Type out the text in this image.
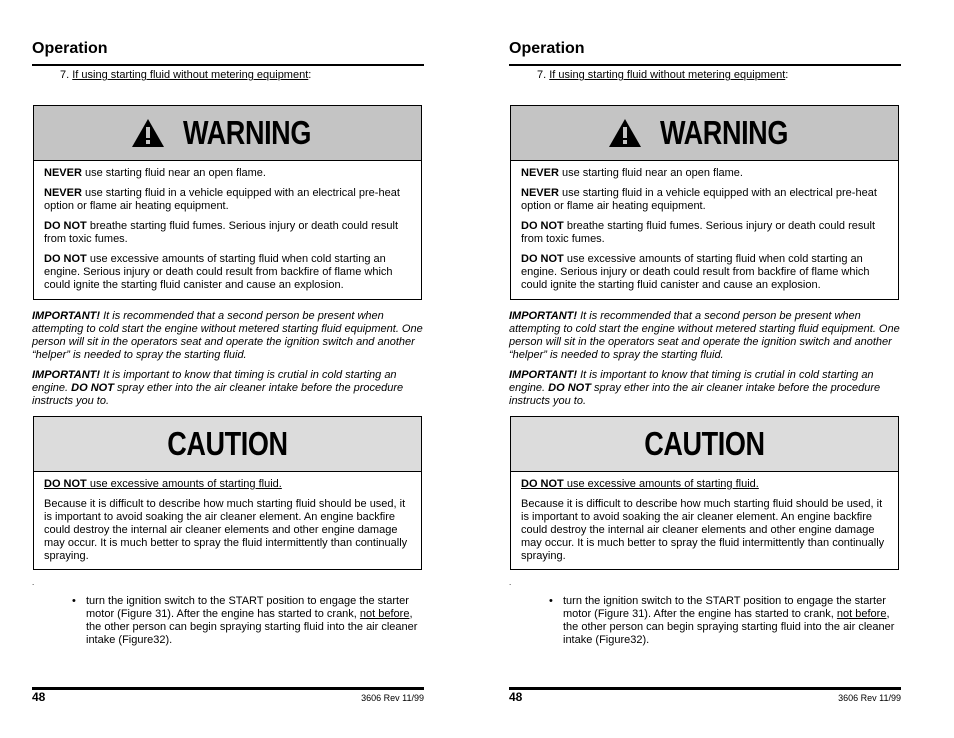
Operation
7. If using starting fluid without metering equipment:
WARNING

NEVER use starting fluid near an open flame.

NEVER use starting fluid in a vehicle equipped with an electrical pre-heat option or flame air heating equipment.

DO NOT breathe starting fluid fumes. Serious injury or death could result from toxic fumes.

DO NOT use excessive amounts of starting fluid when cold starting an engine. Serious injury or death could result from backfire of flame which could ignite the starting fluid canister and cause an explosion.

IMPORTANT! It is recommended that a second person be present when attempting to cold start the engine without metered starting fluid equipment. One person will sit in the operators seat and operate the ignition switch and another “helper” is needed to spray the starting fluid.

IMPORTANT! It is important to know that timing is crutial in cold starting an engine. DO NOT spray ether into the air cleaner intake before the procedure instructs you to.

CAUTION

DO NOT use excessive amounts of starting fluid.

Because it is difficult to describe how much starting fluid should be used, it is important to avoid soaking the air cleaner element. An engine backfire could destroy the internal air cleaner elements and other engine damage may occur. It is much better to spray the fluid intermittently than continually spraying.

.
• turn the ignition switch to the START position to engage the starter motor (Figure 31). After the engine has started to crank, not before, the other person can begin spraying starting fluid into the air cleaner intake (Figure32).
48	3606 Rev 11/99
Operation
7. If using starting fluid without metering equipment:
WARNING

NEVER use starting fluid near an open flame.

NEVER use starting fluid in a vehicle equipped with an electrical pre-heat option or flame air heating equipment.

DO NOT breathe starting fluid fumes. Serious injury or death could result from toxic fumes.

DO NOT use excessive amounts of starting fluid when cold starting an engine. Serious injury or death could result from backfire of flame which could ignite the starting fluid canister and cause an explosion.

IMPORTANT! It is recommended that a second person be present when attempting to cold start the engine without metered starting fluid equipment. One person will sit in the operators seat and operate the ignition switch and another “helper” is needed to spray the starting fluid.

IMPORTANT! It is important to know that timing is crutial in cold starting an engine. DO NOT spray ether into the air cleaner intake before the procedure instructs you to.

CAUTION

DO NOT use excessive amounts of starting fluid.

Because it is difficult to describe how much starting fluid should be used, it is important to avoid soaking the air cleaner element. An engine backfire could destroy the internal air cleaner elements and other engine damage may occur. It is much better to spray the fluid intermittently than continually spraying.

.
• turn the ignition switch to the START position to engage the starter motor (Figure 31). After the engine has started to crank, not before, the other person can begin spraying starting fluid into the air cleaner intake (Figure32).
48	3606 Rev 11/99
